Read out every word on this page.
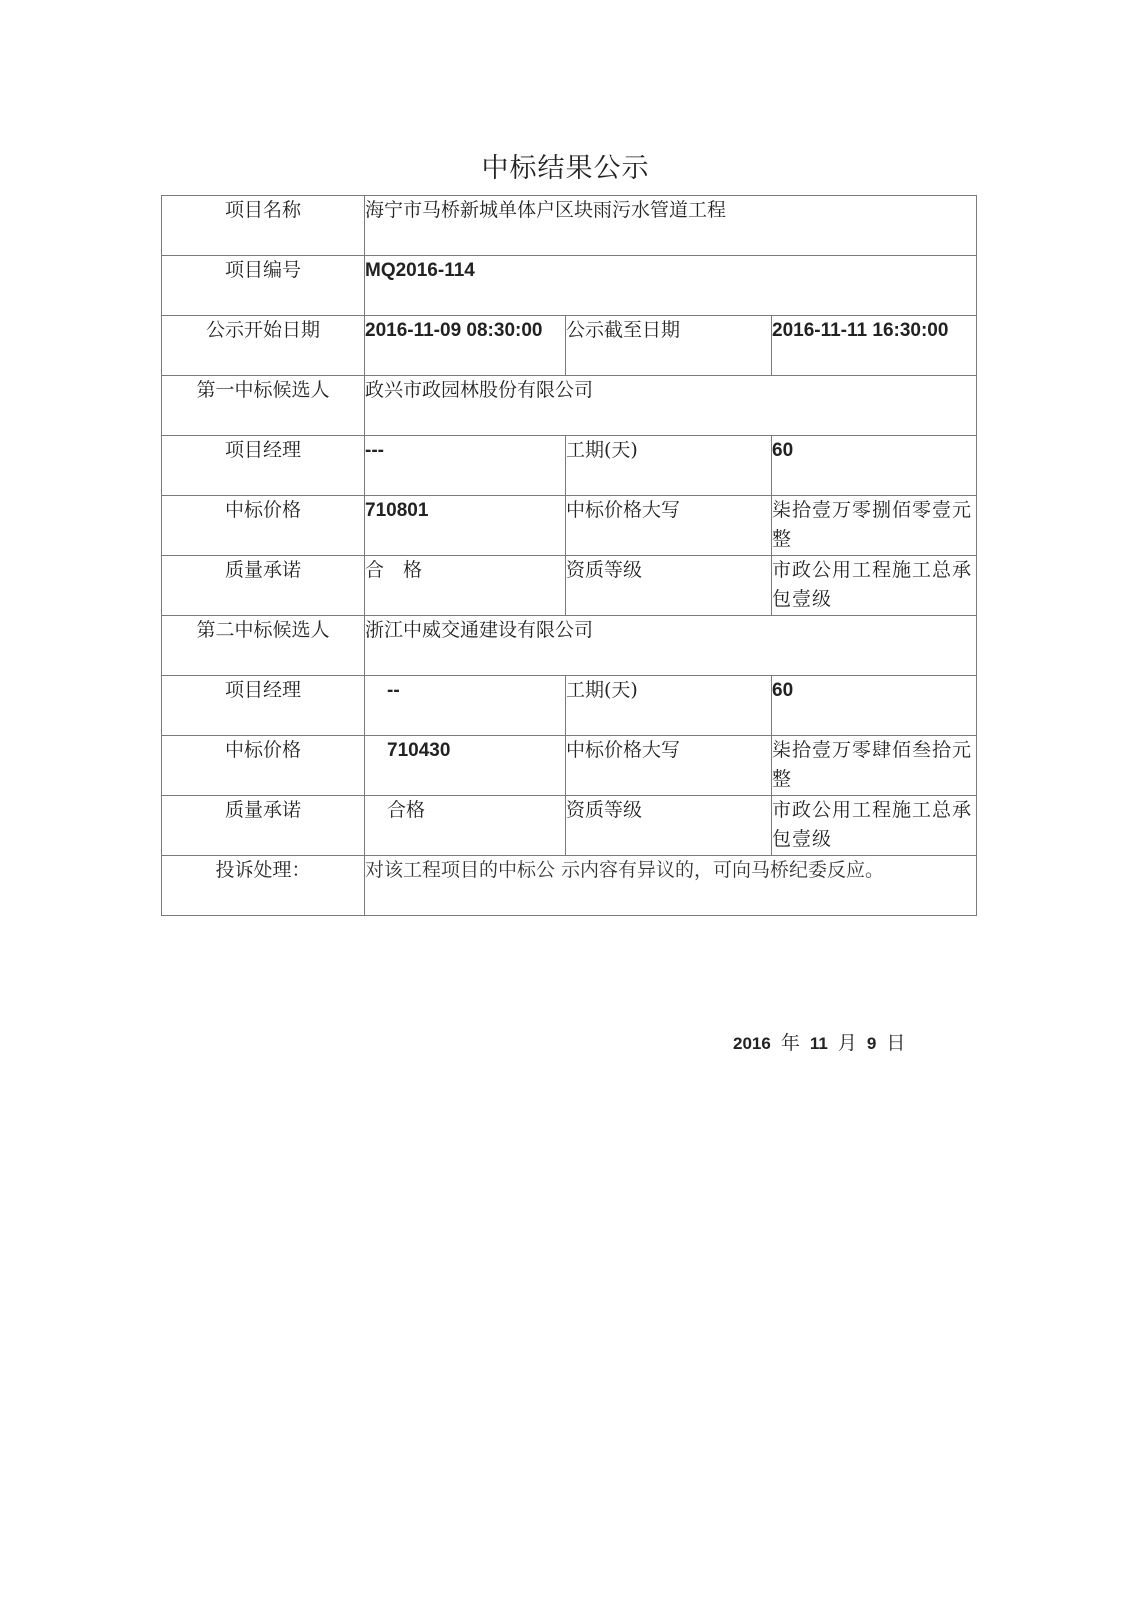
中标结果公示
项目名称	海宁市马桥新城单体户区块雨污水管道工程		
项目编号	MQ2016-114		
公示开始日期	2016-11-09 08:30:00	公示截至日期	2016-11-11 16:30:00
第一中标候选人	政兴市政园林股份有限公司		
项目经理	---	工期(天)	60
中标价格	710801	中标价格大写	柒拾壹万零捌佰零壹元整
质量承诺	合　格	资质等级	市政公用工程施工总承包壹级
第二中标候选人	浙江中威交通建设有限公司		
项目经理	--	工期(天)	60
中标价格	710430	中标价格大写	柒拾壹万零肆佰叁拾元整
质量承诺	合格	资质等级	市政公用工程施工总承包壹级
投诉处理：	对该工程项目的中标公 示内容有异议的，可向马桥纪委反应。		
2016 年 11 月 9 日
